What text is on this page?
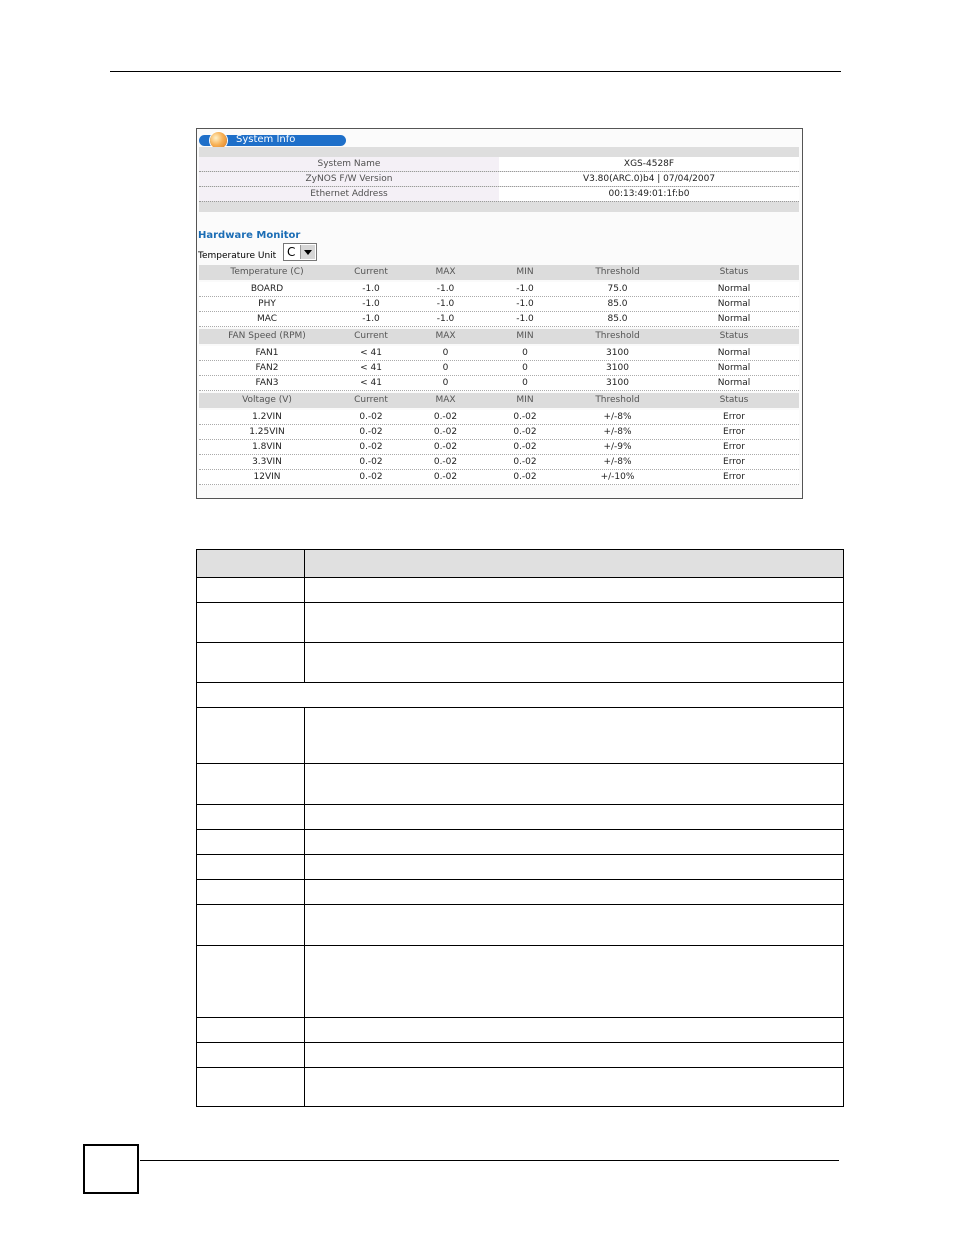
System Info
System Name	XGS-4528F
ZyNOS F/W Version	V3.80(ARC.0)b4 | 07/04/2007
Ethernet Address	00:13:49:01:1f:b0
Hardware Monitor
Temperature Unit C
Temperature (C)	Current	MAX	MIN	Threshold	Status
BOARD	-1.0	-1.0	-1.0	75.0	Normal
PHY	-1.0	-1.0	-1.0	85.0	Normal
MAC	-1.0	-1.0	-1.0	85.0	Normal
FAN Speed (RPM)	Current	MAX	MIN	Threshold	Status
FAN1	< 41	0	0	3100	Normal
FAN2	< 41	0	0	3100	Normal
FAN3	< 41	0	0	3100	Normal
Voltage (V)	Current	MAX	MIN	Threshold	Status
1.2VIN	0.-02	0.-02	0.-02	+/-8%	Error
1.25VIN	0.-02	0.-02	0.-02	+/-8%	Error
1.8VIN	0.-02	0.-02	0.-02	+/-9%	Error
3.3VIN	0.-02	0.-02	0.-02	+/-8%	Error
12VIN	0.-02	0.-02	0.-02	+/-10%	Error
